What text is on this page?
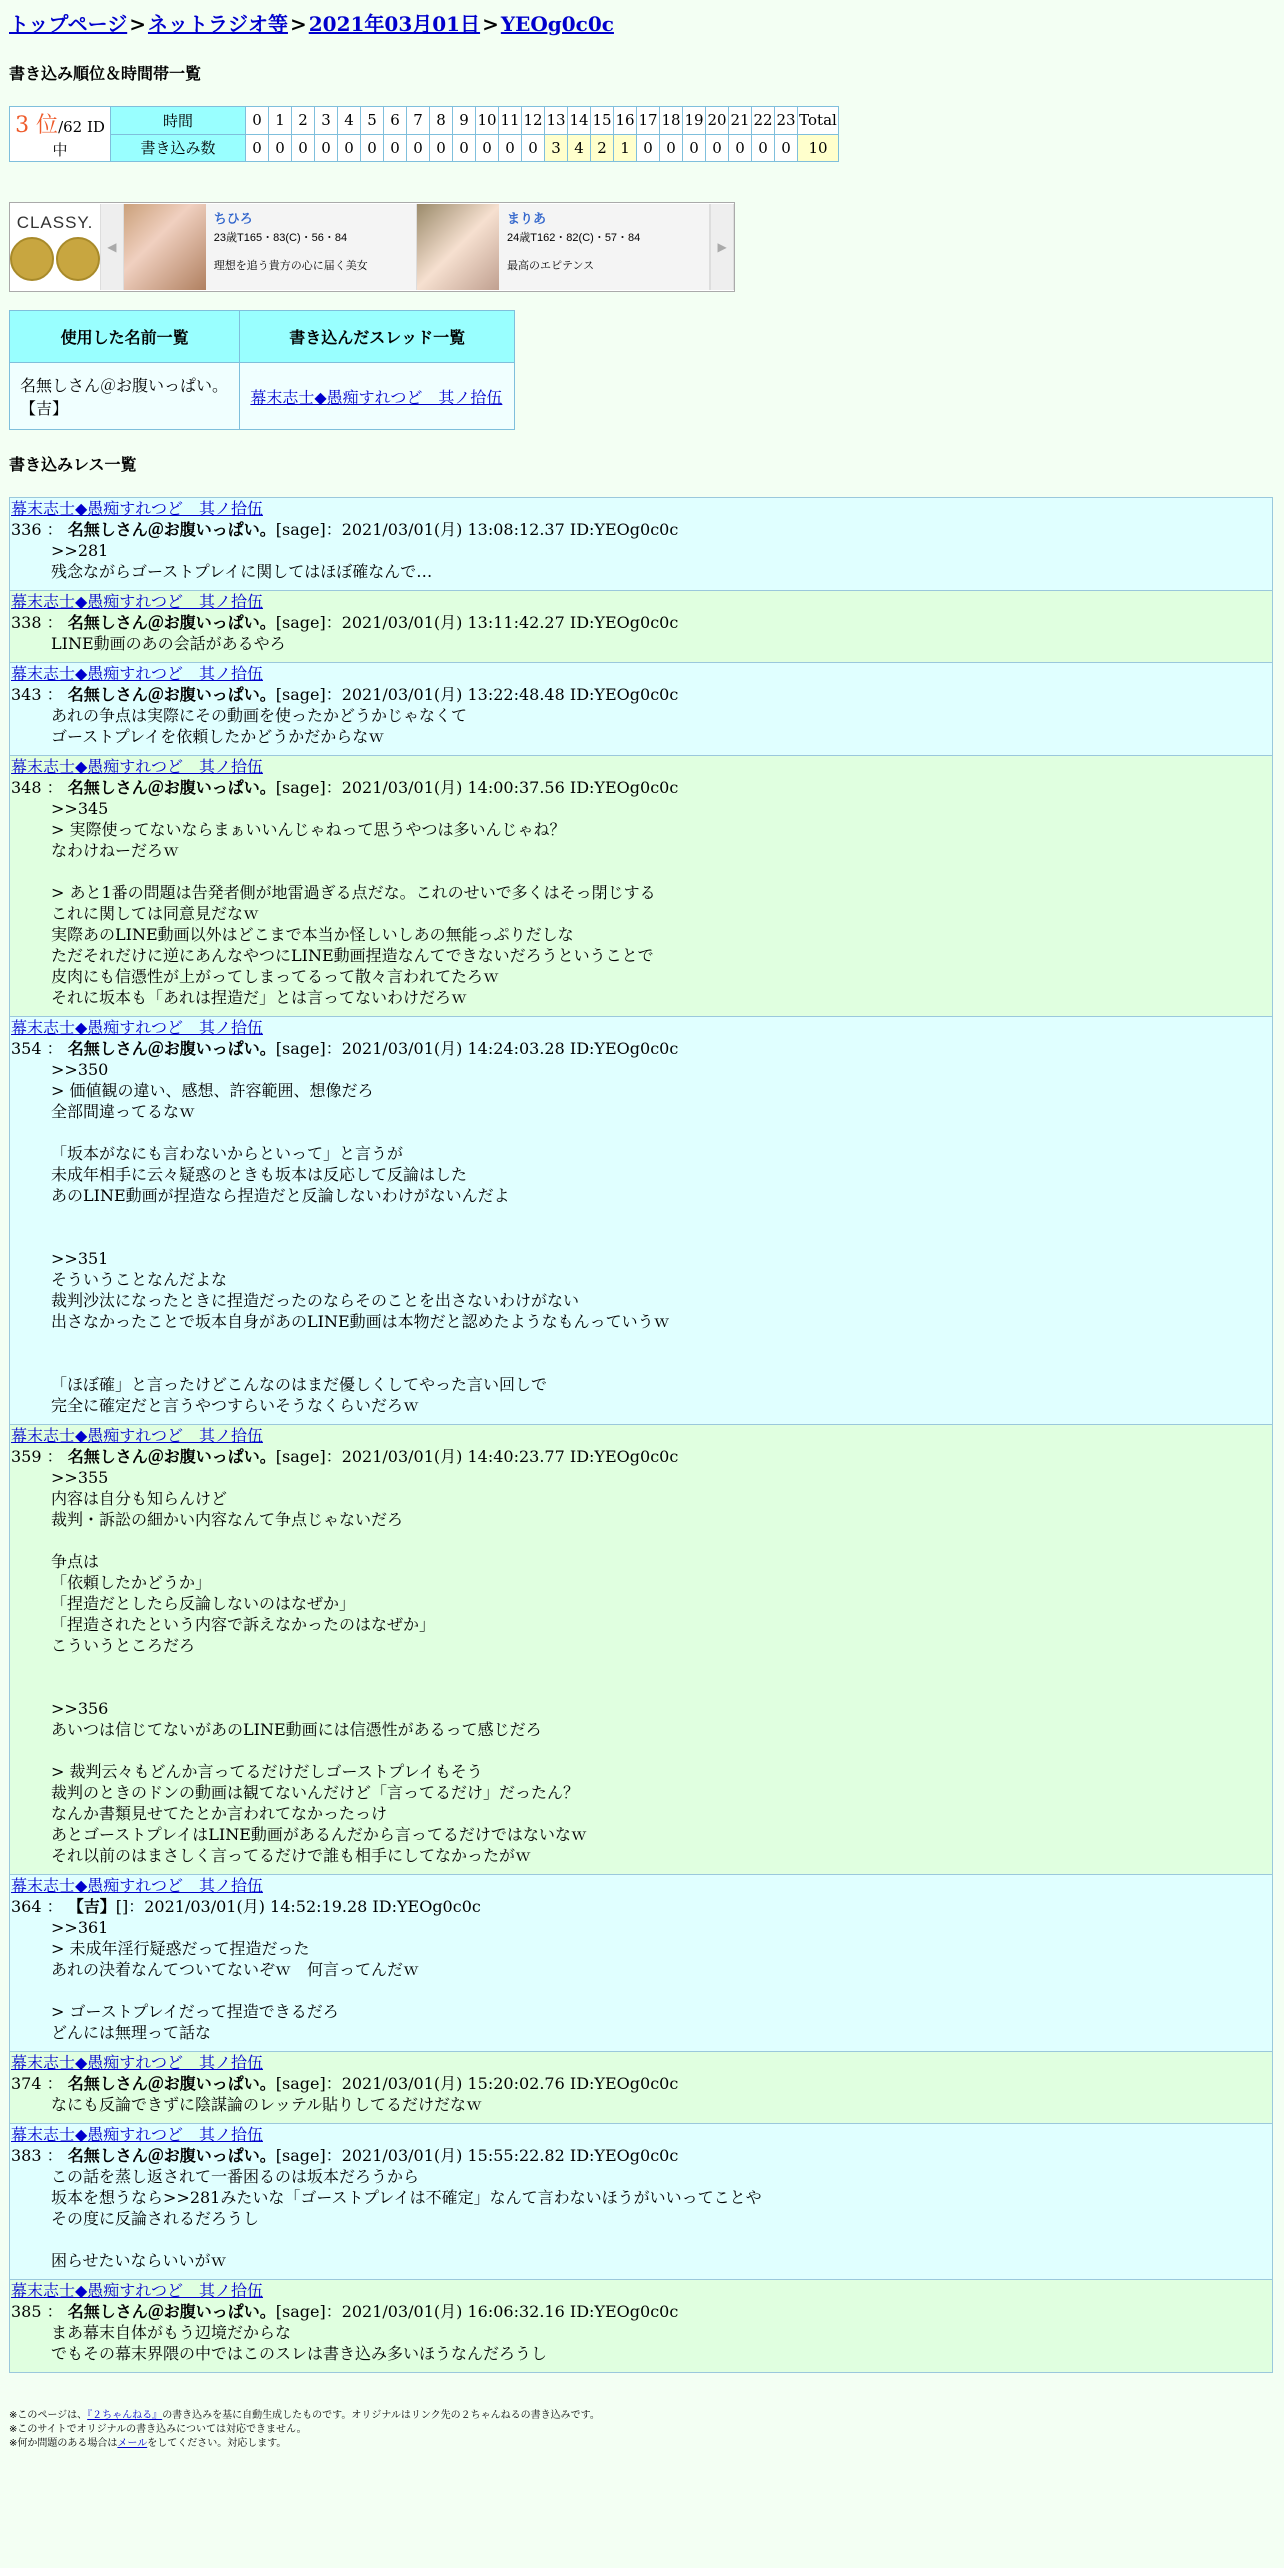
トップページ > ネットラジオ等 > 2021年03月01日 > YEOg0c0c
書き込み順位＆時間帯一覧
3 位/62 ID中	時間	0	1	2	3	4	5	6	7	8	9	10	11	12	13	14	15	16	17	18	19	20	21	22	23	Total
	書き込み数	0	0	0	0	0	0	0	0	0	0	0	0	0	3	4	2	1	0	0	0	0	0	0	0	10
CLASSY.
◀
ちひろ
23歳T165・83(C)・56・84
理想を追う貴方の心に届く美女
まりあ
24歳T162・82(C)・57・84
最高のエピテンス
▶
使用した名前一覧	書き込んだスレッド一覧
名無しさん＠お腹いっぱい。
【吉】	幕末志士◆愚痴すれつど　其ノ拾伍
書き込みレス一覧
幕末志士◆愚痴すれつど　其ノ拾伍
336 ： 名無しさん＠お腹いっぱい。[sage]：2021/03/01(月) 13:08:12.37 ID:YEOg0c0c
>>281
残念ながらゴーストプレイに関してはほぼ確なんで…
幕末志士◆愚痴すれつど　其ノ拾伍
338 ： 名無しさん＠お腹いっぱい。[sage]：2021/03/01(月) 13:11:42.27 ID:YEOg0c0c
LINE動画のあの会話があるやろ
幕末志士◆愚痴すれつど　其ノ拾伍
343 ： 名無しさん＠お腹いっぱい。[sage]：2021/03/01(月) 13:22:48.48 ID:YEOg0c0c
あれの争点は実際にその動画を使ったかどうかじゃなくて
ゴーストプレイを依頼したかどうかだからなｗ
幕末志士◆愚痴すれつど　其ノ拾伍
348 ： 名無しさん＠お腹いっぱい。[sage]：2021/03/01(月) 14:00:37.56 ID:YEOg0c0c
>>345
> 実際使ってないならまぁいいんじゃねって思うやつは多いんじゃね？
なわけねーだろｗ

> あと1番の問題は告発者側が地雷過ぎる点だな。これのせいで多くはそっ閉じする
これに関しては同意見だなｗ
実際あのLINE動画以外はどこまで本当か怪しいしあの無能っぷりだしな
ただそれだけに逆にあんなやつにLINE動画捏造なんてできないだろうということで
皮肉にも信憑性が上がってしまってるって散々言われてたろｗ
それに坂本も「あれは捏造だ」とは言ってないわけだろｗ
幕末志士◆愚痴すれつど　其ノ拾伍
354 ： 名無しさん＠お腹いっぱい。[sage]：2021/03/01(月) 14:24:03.28 ID:YEOg0c0c
>>350
> 価値観の違い、感想、許容範囲、想像だろ
全部間違ってるなｗ

「坂本がなにも言わないからといって」と言うが
未成年相手に云々疑惑のときも坂本は反応して反論はした
あのLINE動画が捏造なら捏造だと反論しないわけがないんだよ

>>351
そういうことなんだよな
裁判沙汰になったときに捏造だったのならそのことを出さないわけがない
出さなかったことで坂本自身があのLINE動画は本物だと認めたようなもんっていうｗ

「ほぼ確」と言ったけどこんなのはまだ優しくしてやった言い回しで
完全に確定だと言うやつすらいそうなくらいだろｗ
幕末志士◆愚痴すれつど　其ノ拾伍
359 ： 名無しさん＠お腹いっぱい。[sage]：2021/03/01(月) 14:40:23.77 ID:YEOg0c0c
>>355
内容は自分も知らんけど
裁判・訴訟の細かい内容なんて争点じゃないだろ

争点は
「依頼したかどうか」
「捏造だとしたら反論しないのはなぜか」
「捏造されたという内容で訴えなかったのはなぜか」
こういうところだろ

>>356
あいつは信じてないがあのLINE動画には信憑性があるって感じだろ

> 裁判云々もどんか言ってるだけだしゴーストプレイもそう
裁判のときのドンの動画は観てないんだけど「言ってるだけ」だったん？
なんか書類見せてたとか言われてなかったっけ
あとゴーストプレイはLINE動画があるんだから言ってるだけではないなｗ
それ以前のはまさしく言ってるだけで誰も相手にしてなかったがｗ
幕末志士◆愚痴すれつど　其ノ拾伍
364 ： 【吉】[]：2021/03/01(月) 14:52:19.28 ID:YEOg0c0c
>>361
> 未成年淫行疑惑だって捏造だった
あれの決着なんてついてないぞｗ　何言ってんだｗ

> ゴーストプレイだって捏造できるだろ
どんには無理って話な
幕末志士◆愚痴すれつど　其ノ拾伍
374 ： 名無しさん＠お腹いっぱい。[sage]：2021/03/01(月) 15:20:02.76 ID:YEOg0c0c
なにも反論できずに陰謀論のレッテル貼りしてるだけだなｗ
幕末志士◆愚痴すれつど　其ノ拾伍
383 ： 名無しさん＠お腹いっぱい。[sage]：2021/03/01(月) 15:55:22.82 ID:YEOg0c0c
この話を蒸し返されて一番困るのは坂本だろうから
坂本を想うなら>>281みたいな「ゴーストプレイは不確定」なんて言わないほうがいいってことや
その度に反論されるだろうし

困らせたいならいいがｗ
幕末志士◆愚痴すれつど　其ノ拾伍
385 ： 名無しさん＠お腹いっぱい。[sage]：2021/03/01(月) 16:06:32.16 ID:YEOg0c0c
まあ幕末自体がもう辺境だからな
でもその幕末界隈の中ではこのスレは書き込み多いほうなんだろうし
※このページは、『２ちゃんねる』の書き込みを基に自動生成したものです。オリジナルはリンク先の２ちゃんねるの書き込みです。
※このサイトでオリジナルの書き込みについては対応できません。
※何か問題のある場合はメールをしてください。対応します。
